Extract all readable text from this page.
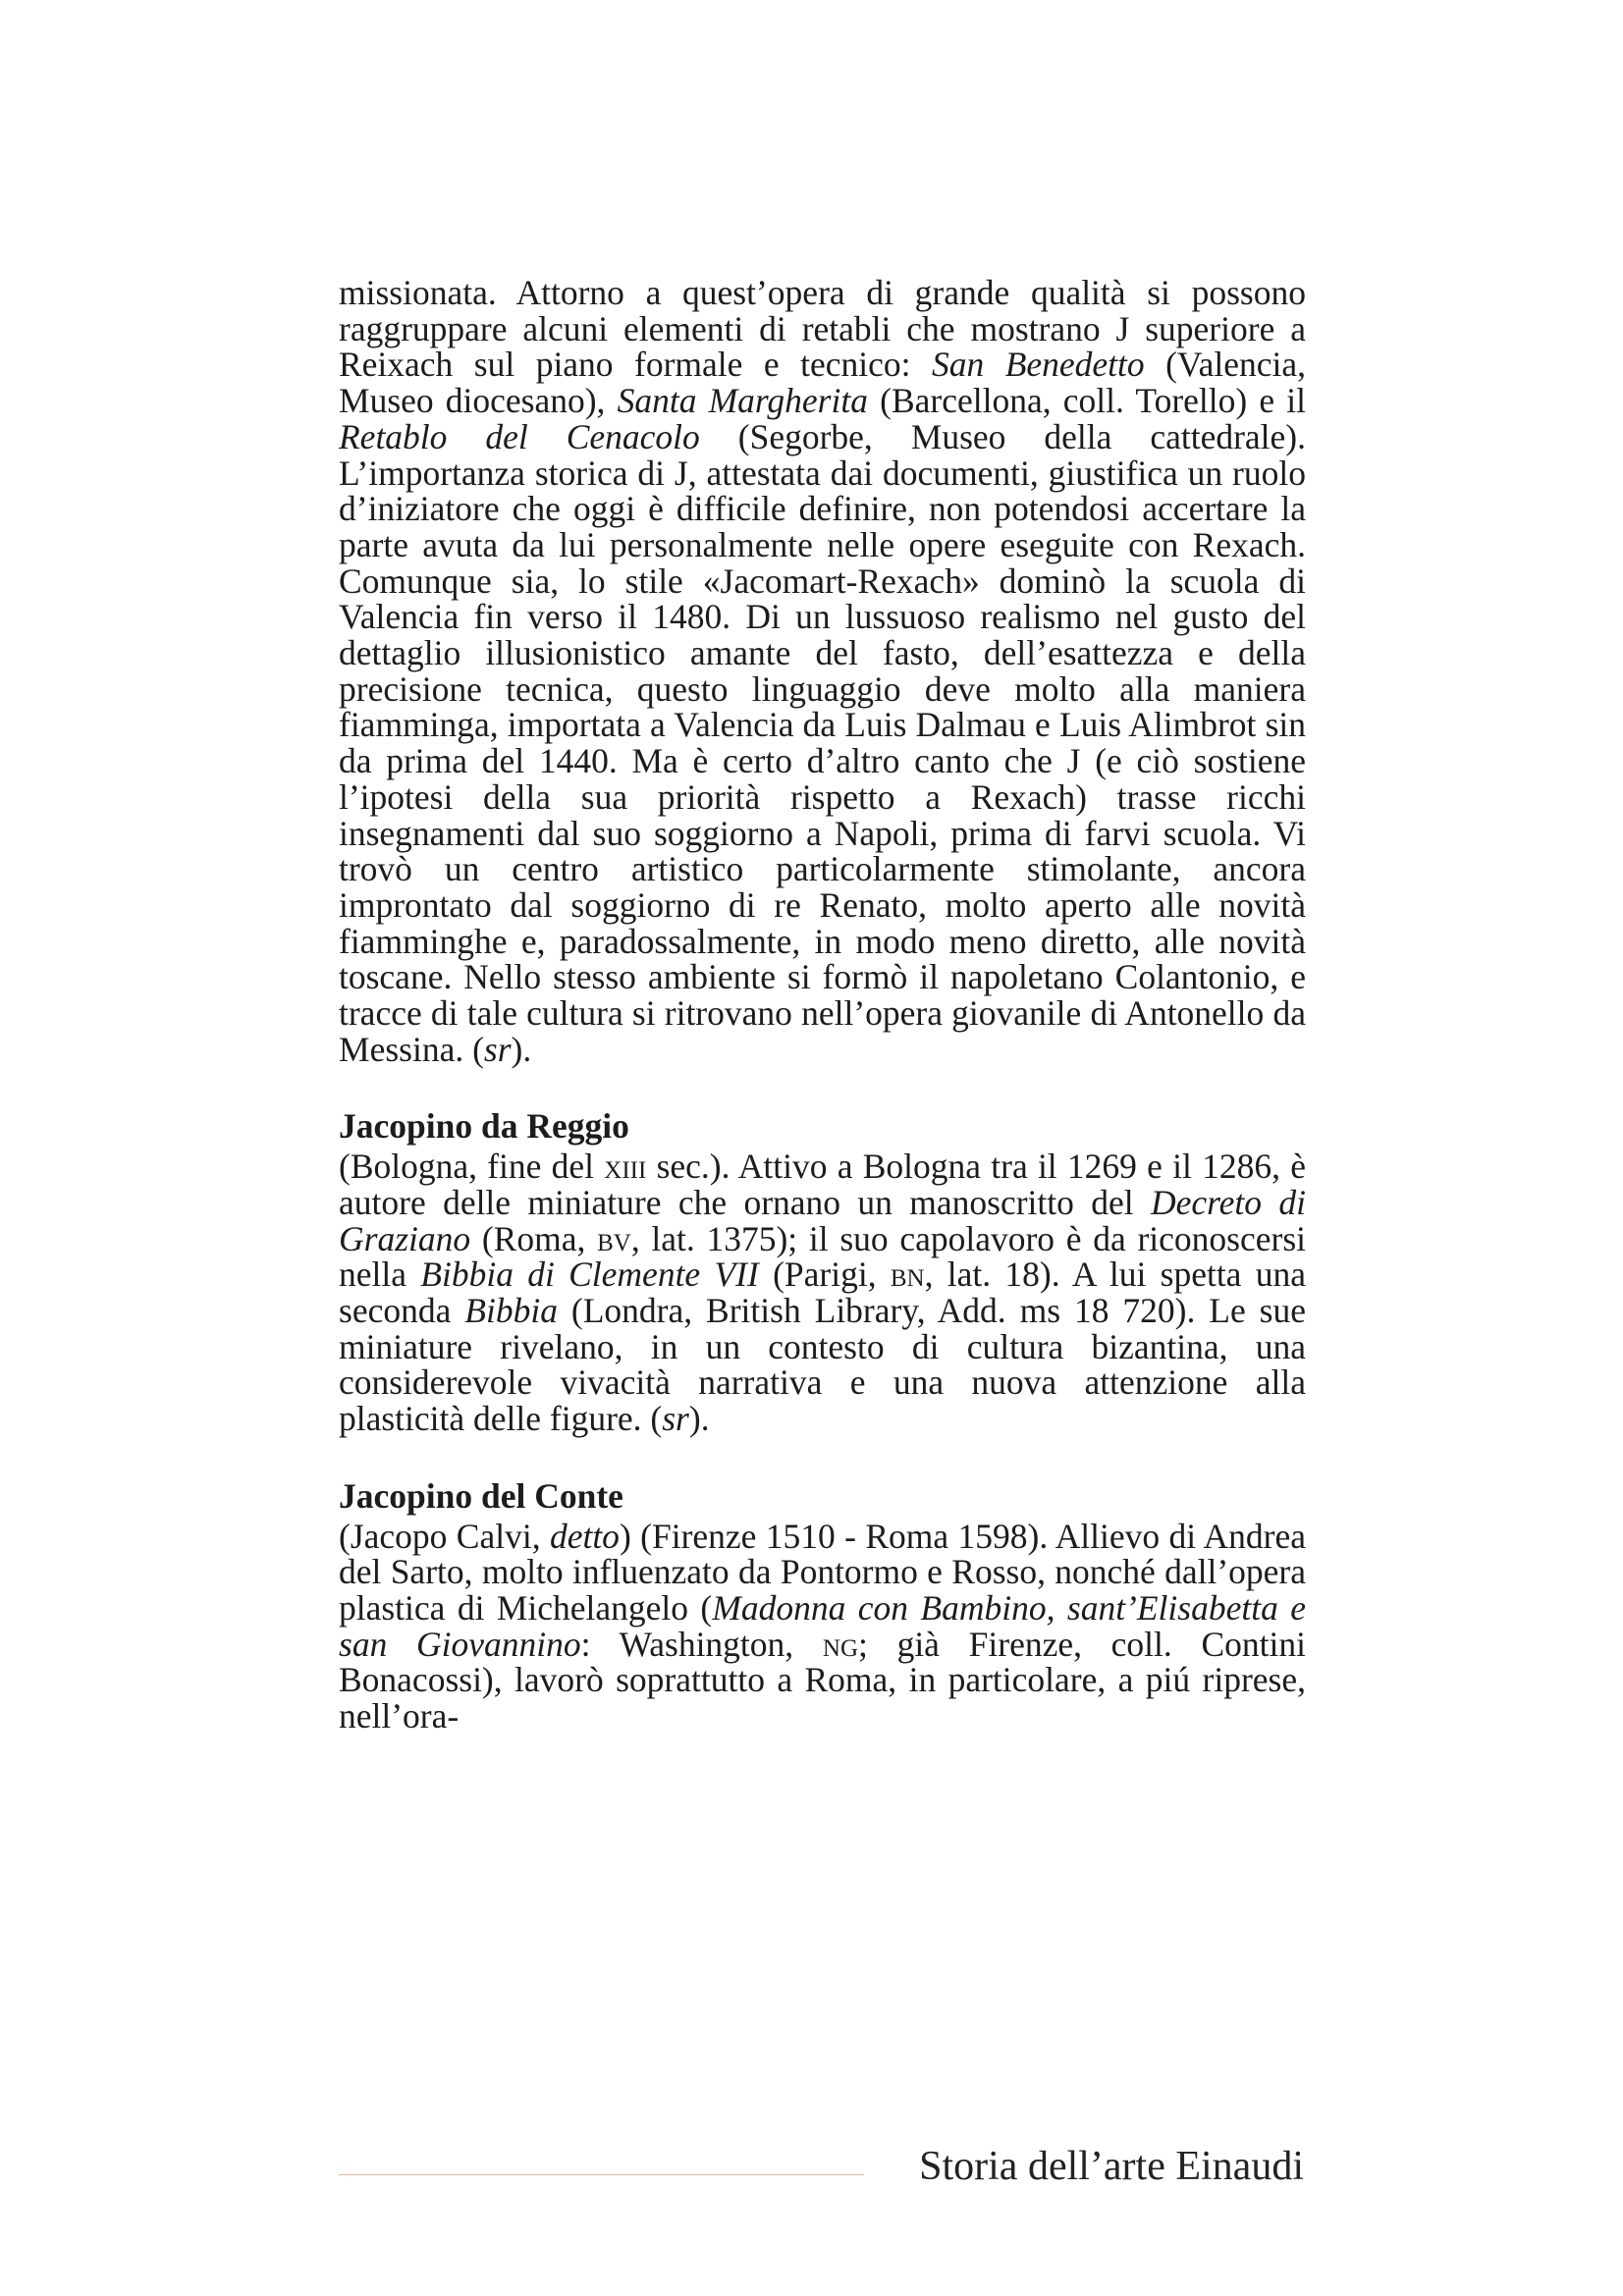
missionata. Attorno a quest’opera di grande qualità si possono raggruppare alcuni elementi di retabli che mostrano J superiore a Reixach sul piano formale e tecnico: San Benedetto (Valencia, Museo diocesano), Santa Margherita (Barcellona, coll. Torello) e il Retablo del Cenacolo (Segorbe, Museo della cattedrale). L’importanza storica di J, attestata dai documenti, giustifica un ruolo d’iniziatore che oggi è difficile definire, non potendosi accertare la parte avuta da lui personalmente nelle opere eseguite con Rexach. Comunque sia, lo stile «Jacomart-Rexach» dominò la scuola di Valencia fin verso il 1480. Di un lussuoso realismo nel gusto del dettaglio illusionistico amante del fasto, dell’esattezza e della precisione tecnica, questo linguaggio deve molto alla maniera fiamminga, importata a Valencia da Luis Dalmau e Luis Alimbrot sin da prima del 1440. Ma è certo d’altro canto che J (e ciò sostiene l’ipotesi della sua priorità rispetto a Rexach) trasse ricchi insegnamenti dal suo soggiorno a Napoli, prima di farvi scuola. Vi trovò un centro artistico particolarmente stimolante, ancora improntato dal soggiorno di re Renato, molto aperto alle novità fiamminghe e, paradossalmente, in modo meno diretto, alle novità toscane. Nello stesso ambiente si formò il napoletano Colantonio, e tracce di tale cultura si ritrovano nell’opera giovanile di Antonello da Messina. (sr).

Jacopino da Reggio

(Bologna, fine del xiii sec.). Attivo a Bologna tra il 1269 e il 1286, è autore delle miniature che ornano un manoscritto del Decreto di Graziano (Roma, bv, lat. 1375); il suo capolavoro è da riconoscersi nella Bibbia di Clemente VII (Parigi, bn, lat. 18). A lui spetta una seconda Bibbia (Londra, British Library, Add. ms 18 720). Le sue miniature rivelano, in un contesto di cultura bizantina, una considerevole vivacità narrativa e una nuova attenzione alla plasticità delle figure. (sr).

Jacopino del Conte

(Jacopo Calvi, detto) (Firenze 1510 - Roma 1598). Allievo di Andrea del Sarto, molto influenzato da Pontormo e Rosso, nonché dall’opera plastica di Michelangelo (Madonna con Bambino, sant’Elisabetta e san Giovannino: Washington, ng; già Firenze, coll. Contini Bonacossi), lavorò soprattutto a Roma, in particolare, a piú riprese, nell’ora-

Storia dell’arte Einaudi
